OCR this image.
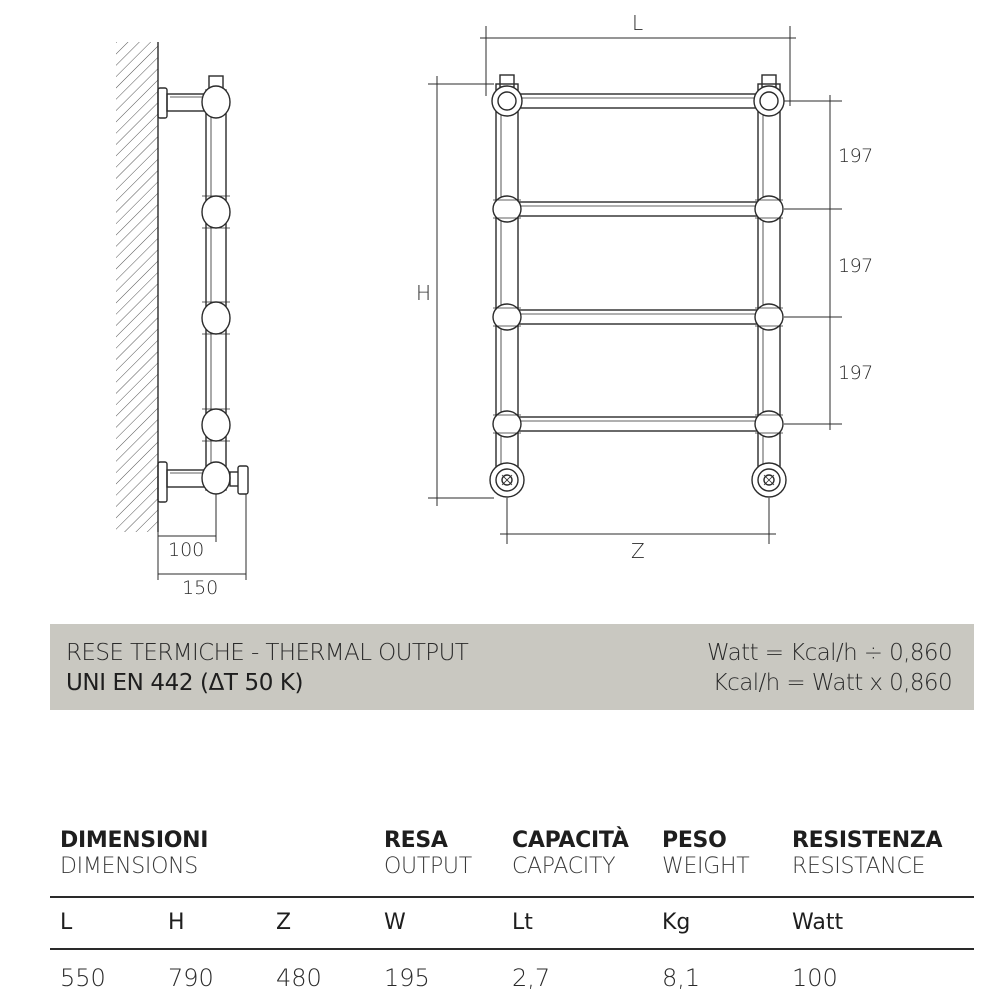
100
150
L
H
Z
197
197
197
RESE TERMICHE - THERMAL OUTPUT
UNI EN 442 (ΔT 50 K)
Watt = Kcal/h ÷ 0,860
Kcal/h = Watt x 0,860
DIMENSIONI
DIMENSIONS
RESA
OUTPUT
CAPACITÀ
CAPACITY
PESO
WEIGHT
RESISTENZA
RESISTANCE
L	H	Z	W	Lt	Kg	Watt
550	790	480	195	2,7	8,1	100
